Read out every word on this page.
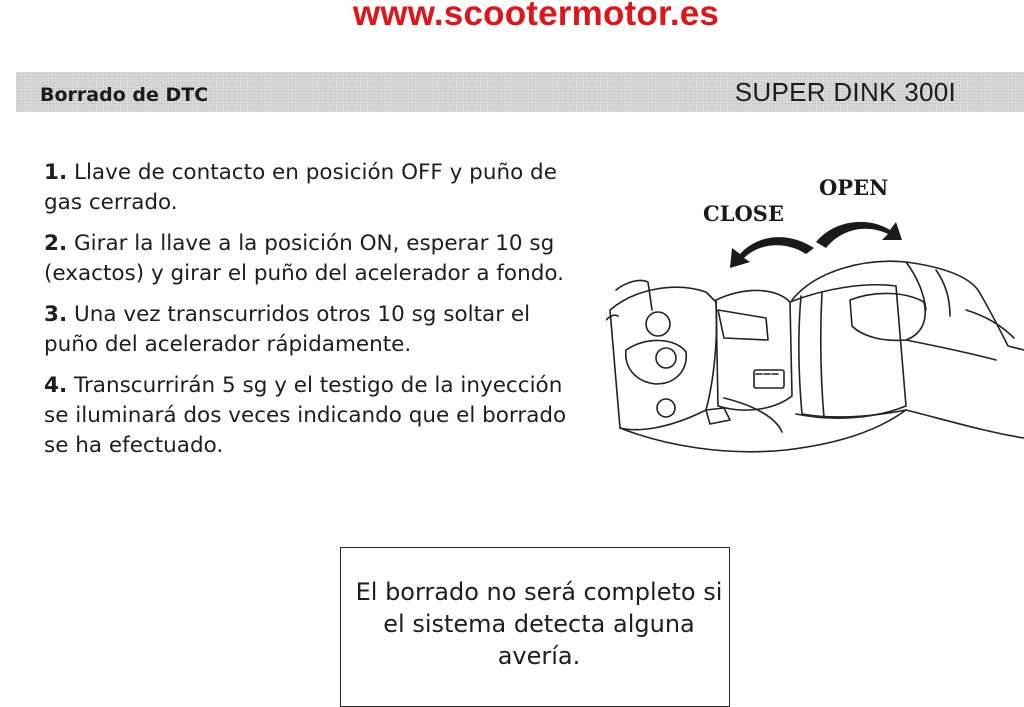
www.scootermotor.es
Borrado de DTC	SUPER DINK 300I
1. Llave de contacto en posición OFF y puño de gas cerrado.
2. Girar la llave a la posición ON, esperar 10 sg (exactos) y girar el puño del acelerador a fondo.
3. Una vez transcurridos otros 10 sg soltar el puño del acelerador rápidamente.
4. Transcurrirán 5 sg y el testigo de la inyección se iluminará dos veces indicando que el borrado se ha efectuado.
CLOSE
OPEN
El borrado no será completo si el sistema detecta alguna avería.
